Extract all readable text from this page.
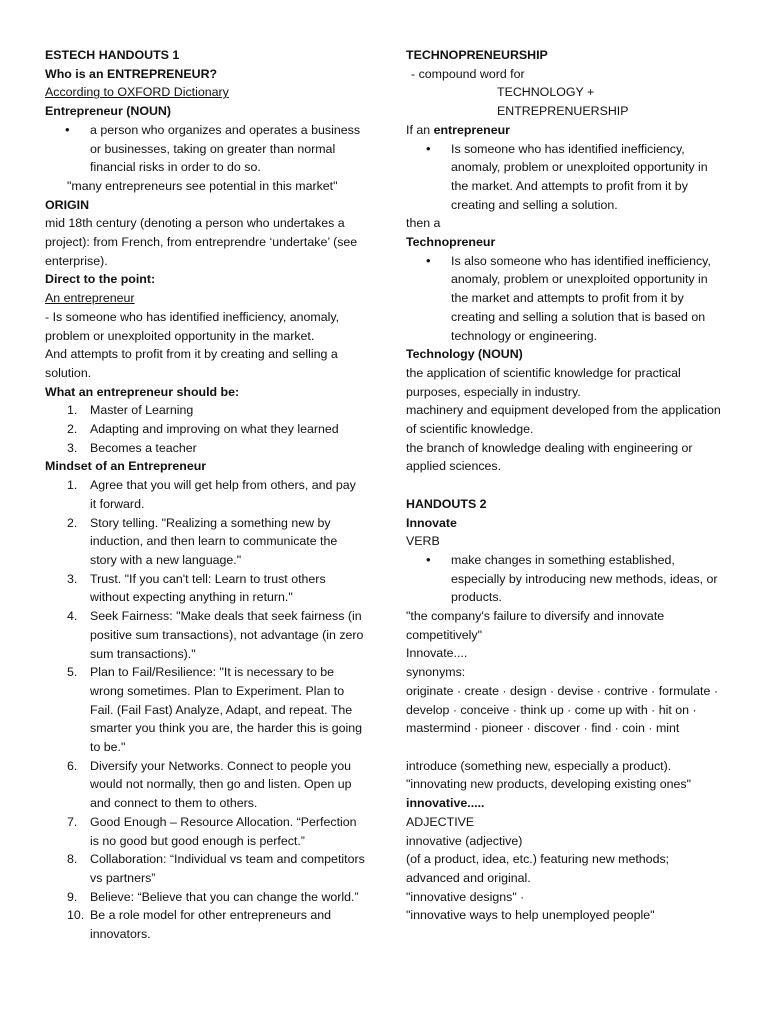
ESTECH HANDOUTS 1

Who is an ENTREPRENEUR?

According to OXFORD Dictionary

Entrepreneur (NOUN)

• a person who organizes and operates a business or businesses, taking on greater than normal financial risks in order to do so.

"many entrepreneurs see potential in this market"

ORIGIN

mid 18th century (denoting a person who undertakes a project): from French, from entreprendre ‘undertake’ (see enterprise).

Direct to the point:

An entrepreneur

- Is someone who has identified inefficiency, anomaly, problem or unexploited opportunity in the market.

And attempts to profit from it by creating and selling a solution.

What an entrepreneur should be:

1. Master of Learning
2. Adapting and improving on what they learned
3. Becomes a teacher

Mindset of an Entrepreneur

1. Agree that you will get help from others, and pay it forward.
2. Story telling. "Realizing a something new by induction, and then learn to communicate the story with a new language."
3. Trust. "If you can't tell: Learn to trust others without expecting anything in return."
4. Seek Fairness: "Make deals that seek fairness (in positive sum transactions), not advantage (in zero sum transactions)."
5. Plan to Fail/Resilience: "It is necessary to be wrong sometimes. Plan to Experiment. Plan to Fail. (Fail Fast) Analyze, Adapt, and repeat. The smarter you think you are, the harder this is going to be."
6. Diversify your Networks. Connect to people you would not normally, then go and listen. Open up and connect to them to others.
7. Good Enough – Resource Allocation. “Perfection is no good but good enough is perfect.”
8. Collaboration: “Individual vs team and competitors vs partners”
9. Believe: “Believe that you can change the world.”
10. Be a role model for other entrepreneurs and innovators.

TECHNOPRENEURSHIP

- compound word for

TECHNOLOGY + ENTREPRENUERSHIP

If an entrepreneur

• Is someone who has identified inefficiency, anomaly, problem or unexploited opportunity in the market. And attempts to profit from it by creating and selling a solution.

then a

Technopreneur

• Is also someone who has identified inefficiency, anomaly, problem or unexploited opportunity in the market and attempts to profit from it by creating and selling a solution that is based on technology or engineering.

Technology (NOUN)

the application of scientific knowledge for practical purposes, especially in industry.

machinery and equipment developed from the application of scientific knowledge.

the branch of knowledge dealing with engineering or applied sciences.

HANDOUTS 2

Innovate

VERB

• make changes in something established, especially by introducing new methods, ideas, or products.

"the company's failure to diversify and innovate competitively"

Innovate....

synonyms:

originate · create · design · devise · contrive · formulate · develop · conceive · think up · come up with · hit on · mastermind · pioneer · discover · find · coin · mint

introduce (something new, especially a product).

"innovating new products, developing existing ones"

innovative.....

ADJECTIVE

innovative (adjective)

(of a product, idea, etc.) featuring new methods; advanced and original.

"innovative designs" ·

"innovative ways to help unemployed people"
